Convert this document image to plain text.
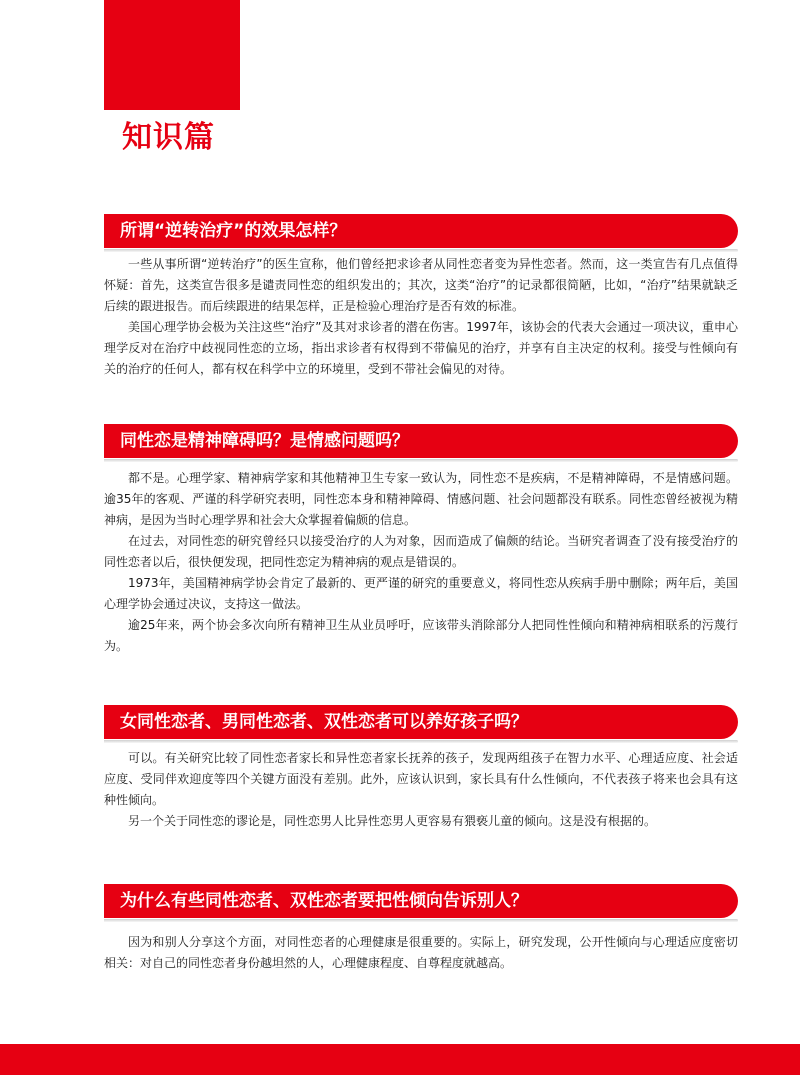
知识篇
所谓“逆转治疗”的效果怎样？

一些从事所谓“逆转治疗”的医生宣称，他们曾经把求诊者从同性恋者变为异性恋者。然而，这一类宣告有几点值得怀疑：首先，这类宣告很多是谴责同性恋的组织发出的；其次，这类“治疗”的记录都很简陋，比如，“治疗”结果就缺乏后续的跟进报告。而后续跟进的结果怎样，正是检验心理治疗是否有效的标准。

美国心理学协会极为关注这些“治疗”及其对求诊者的潜在伤害。1997年，该协会的代表大会通过一项决议，重申心理学反对在治疗中歧视同性恋的立场，指出求诊者有权得到不带偏见的治疗，并享有自主决定的权利。接受与性倾向有关的治疗的任何人，都有权在科学中立的环境里，受到不带社会偏见的对待。

同性恋是精神障碍吗？是情感问题吗？

都不是。心理学家、精神病学家和其他精神卫生专家一致认为，同性恋不是疾病，不是精神障碍，不是情感问题。逾35年的客观、严谨的科学研究表明，同性恋本身和精神障碍、情感问题、社会问题都没有联系。同性恋曾经被视为精神病，是因为当时心理学界和社会大众掌握着偏颇的信息。

在过去，对同性恋的研究曾经只以接受治疗的人为对象，因而造成了偏颇的结论。当研究者调查了没有接受治疗的同性恋者以后，很快便发现，把同性恋定为精神病的观点是错误的。

1973年，美国精神病学协会肯定了最新的、更严谨的研究的重要意义，将同性恋从疾病手册中删除；两年后，美国心理学协会通过决议，支持这一做法。

逾25年来，两个协会多次向所有精神卫生从业员呼吁，应该带头消除部分人把同性性倾向和精神病相联系的污蔑行为。

女同性恋者、男同性恋者、双性恋者可以养好孩子吗？

可以。有关研究比较了同性恋者家长和异性恋者家长抚养的孩子，发现两组孩子在智力水平、心理适应度、社会适应度、受同伴欢迎度等四个关键方面没有差别。此外，应该认识到，家长具有什么性倾向，不代表孩子将来也会具有这种性倾向。

另一个关于同性恋的谬论是，同性恋男人比异性恋男人更容易有猥亵儿童的倾向。这是没有根据的。

为什么有些同性恋者、双性恋者要把性倾向告诉别人？

因为和别人分享这个方面，对同性恋者的心理健康是很重要的。实际上，研究发现，公开性倾向与心理适应度密切相关：对自己的同性恋者身份越坦然的人，心理健康程度、自尊程度就越高。
